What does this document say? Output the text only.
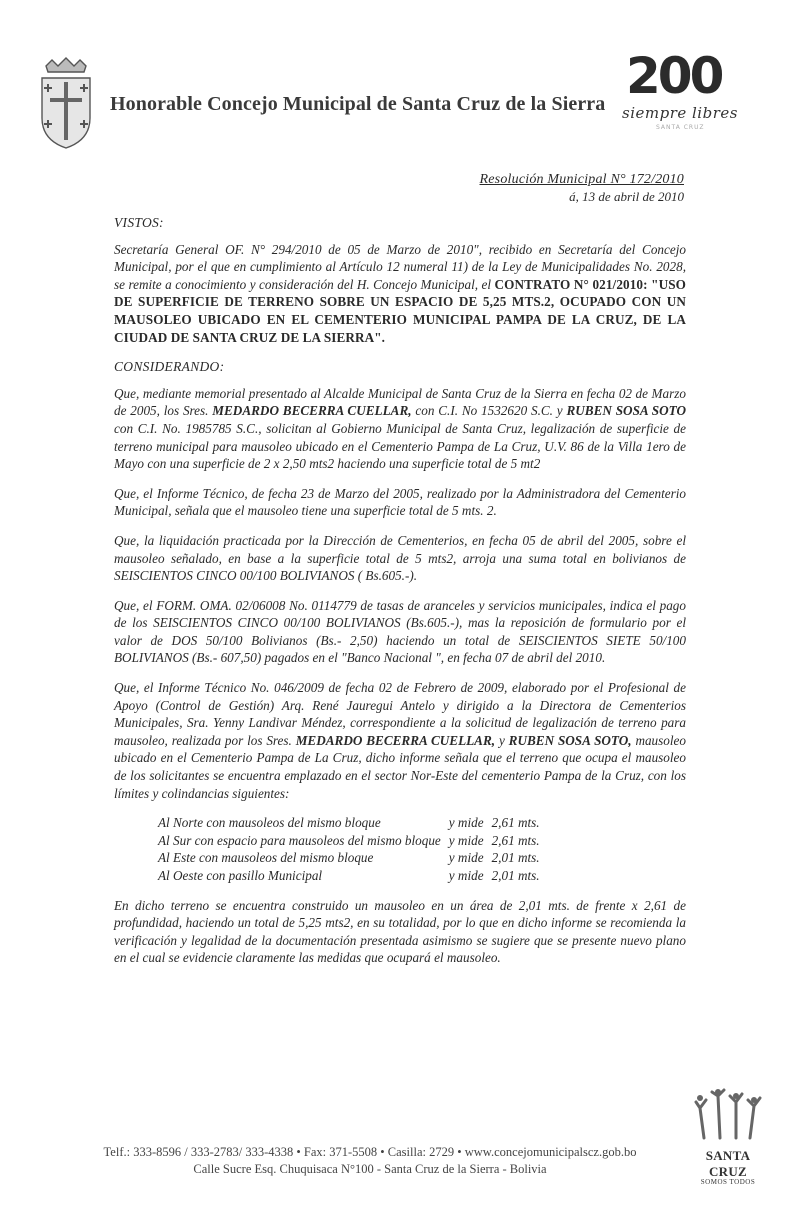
Honorable Concejo Municipal de Santa Cruz de la Sierra 200
siempre libres
SANTA CRUZ
Resolución Municipal N° 172/2010
á, 13 de abril de 2010
VISTOS:

Secretaría General OF. N° 294/2010 de 05 de Marzo de 2010", recibido en Secretaría del Concejo Municipal, por el que en cumplimiento al Artículo 12 numeral 11) de la Ley de Municipalidades No. 2028, se remite a conocimiento y consideración del H. Concejo Municipal, el CONTRATO N° 021/2010: "USO DE SUPERFICIE DE TERRENO SOBRE UN ESPACIO DE 5,25 MTS.2, OCUPADO CON UN MAUSOLEO UBICADO EN EL CEMENTERIO MUNICIPAL PAMPA DE LA CRUZ, DE LA CIUDAD DE SANTA CRUZ DE LA SIERRA".

CONSIDERANDO:

Que, mediante memorial presentado al Alcalde Municipal de Santa Cruz de la Sierra en fecha 02 de Marzo de 2005, los Sres. MEDARDO BECERRA CUELLAR, con C.I. No 1532620 S.C. y RUBEN SOSA SOTO con C.I. No. 1985785 S.C., solicitan al Gobierno Municipal de Santa Cruz, legalización de superficie de terreno municipal para mausoleo ubicado en el Cementerio Pampa de La Cruz, U.V. 86 de la Villa 1ero de Mayo con una superficie de 2 x 2,50 mts2 haciendo una superficie total de 5 mt2

Que, el Informe Técnico, de fecha 23 de Marzo del 2005, realizado por la Administradora del Cementerio Municipal, señala que el mausoleo tiene una superficie total de 5 mts. 2.

Que, la liquidación practicada por la Dirección de Cementerios, en fecha 05 de abril del 2005, sobre el mausoleo señalado, en base a la superficie total de 5 mts2, arroja una suma total en bolivianos de SEISCIENTOS CINCO 00/100 BOLIVIANOS ( Bs.605.-).

Que, el FORM. OMA. 02/06008 No. 0114779 de tasas de aranceles y servicios municipales, indica el pago de los SEISCIENTOS CINCO 00/100 BOLIVIANOS (Bs.605.-), mas la reposición de formulario por el valor de DOS 50/100 Bolivianos (Bs.- 2,50) haciendo un total de SEISCIENTOS SIETE 50/100 BOLIVIANOS (Bs.- 607,50) pagados en el "Banco Nacional ", en fecha 07 de abril del 2010.

Que, el Informe Técnico No. 046/2009 de fecha 02 de Febrero de 2009, elaborado por el Profesional de Apoyo (Control de Gestión) Arq. René Jauregui Antelo y dirigido a la Directora de Cementerios Municipales, Sra. Yenny Landivar Méndez, correspondiente a la solicitud de legalización de terreno para mausoleo, realizada por los Sres. MEDARDO BECERRA CUELLAR, y RUBEN SOSA SOTO, mausoleo ubicado en el Cementerio Pampa de La Cruz, dicho informe señala que el terreno que ocupa el mausoleo de los solicitantes se encuentra emplazado en el sector Nor-Este del cementerio Pampa de la Cruz, con los límites y colindancias siguientes:

Al Norte con mausoleos del mismo bloque	y mide	2,61 mts.
Al Sur con espacio para mausoleos del mismo bloque	y mide	2,61 mts.
Al Este con mausoleos del mismo bloque	y mide	2,01 mts.
Al Oeste con pasillo Municipal	y mide	2,01 mts.

En dicho terreno se encuentra construido un mausoleo en un área de 2,01 mts. de frente x 2,61 de profundidad, haciendo un total de 5,25 mts2, en su totalidad, por lo que en dicho informe se recomienda la verificación y legalidad de la documentación presentada asimismo se sugiere que se presente nuevo plano en el cual se evidencie claramente las medidas que ocupará el mausoleo.

Telf.: 333-8596 / 333-2783/ 333-4338 • Fax: 371-5508 • Casilla: 2729 • www.concejomunicipalscz.gob.bo
Calle Sucre Esq. Chuquisaca N°100 - Santa Cruz de la Sierra - Bolivia
SANTA CRUZ
SOMOS TODOS
